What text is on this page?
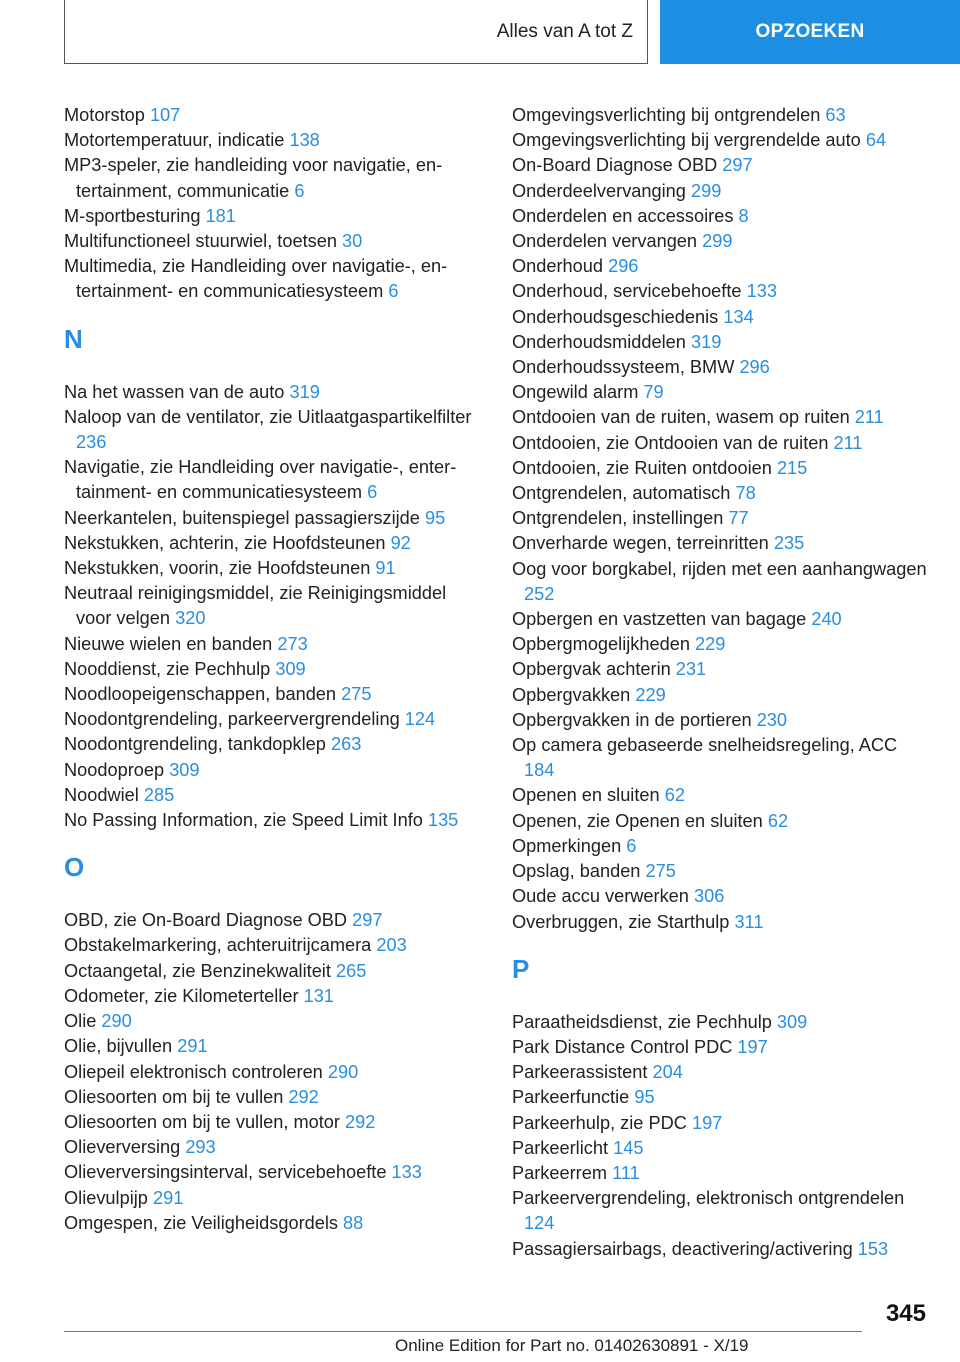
Alles van A tot Z	OPZOEKEN
Motorstop 107
Motortemperatuur, indicatie 138
MP3-speler, zie handleiding voor navigatie, entertainment, communicatie 6
M-sportbesturing 181
Multifunctioneel stuurwiel, toetsen 30
Multimedia, zie Handleiding over navigatie-, entertainment- en communicatiesysteem 6
N
Na het wassen van de auto 319
Naloop van de ventilator, zie Uitlaatgaspartikelfilter 236
Navigatie, zie Handleiding over navigatie-, entertainment- en communicatiesysteem 6
Neerkantelen, buitenspiegel passagierszijde 95
Nekstukken, achterin, zie Hoofdsteunen 92
Nekstukken, voorin, zie Hoofdsteunen 91
Neutraal reinigingsmiddel, zie Reinigingsmiddel voor velgen 320
Nieuwe wielen en banden 273
Nooddienst, zie Pechhulp 309
Noodloopeigenschappen, banden 275
Noodontgrendeling, parkeervergrendeling 124
Noodontgrendeling, tankdopklep 263
Noodoproep 309
Noodwiel 285
No Passing Information, zie Speed Limit Info 135
O
OBD, zie On-Board Diagnose OBD 297
Obstakelmarkering, achteruitrijcamera 203
Octaangetal, zie Benzinekwaliteit 265
Odometer, zie Kilometerteller 131
Olie 290
Olie, bijvullen 291
Oliepeil elektronisch controleren 290
Oliesoorten om bij te vullen 292
Oliesoorten om bij te vullen, motor 292
Olieverversing 293
Olieverversingsinterval, servicebehoefte 133
Olievulpijp 291
Omgespen, zie Veiligheidsgordels 88
Omgevingsverlichting bij ontgrendelen 63
Omgevingsverlichting bij vergrendelde auto 64
On-Board Diagnose OBD 297
Onderdeelvervanging 299
Onderdelen en accessoires 8
Onderdelen vervangen 299
Onderhoud 296
Onderhoud, servicebehoefte 133
Onderhoudsgeschiedenis 134
Onderhoudsmiddelen 319
Onderhoudssysteem, BMW 296
Ongewild alarm 79
Ontdooien van de ruiten, wasem op ruiten 211
Ontdooien, zie Ontdooien van de ruiten 211
Ontdooien, zie Ruiten ontdooien 215
Ontgrendelen, automatisch 78
Ontgrendelen, instellingen 77
Onverharde wegen, terreinritten 235
Oog voor borgkabel, rijden met een aanhangwagen 252
Opbergen en vastzetten van bagage 240
Opbergmogelijkheden 229
Opbergvak achterin 231
Opbergvakken 229
Opbergvakken in de portieren 230
Op camera gebaseerde snelheidsregeling, ACC 184
Openen en sluiten 62
Openen, zie Openen en sluiten 62
Opmerkingen 6
Opslag, banden 275
Oude accu verwerken 306
Overbruggen, zie Starthulp 311
P
Paraatheidsdienst, zie Pechhulp 309
Park Distance Control PDC 197
Parkeerassistent 204
Parkeerfunctie 95
Parkeerhulp, zie PDC 197
Parkeerlicht 145
Parkeerrem 111
Parkeervergrendeling, elektronisch ontgrendelen 124
Passagiersairbags, deactivering/activering 153
345
Online Edition for Part no. 01402630891 - X/19
